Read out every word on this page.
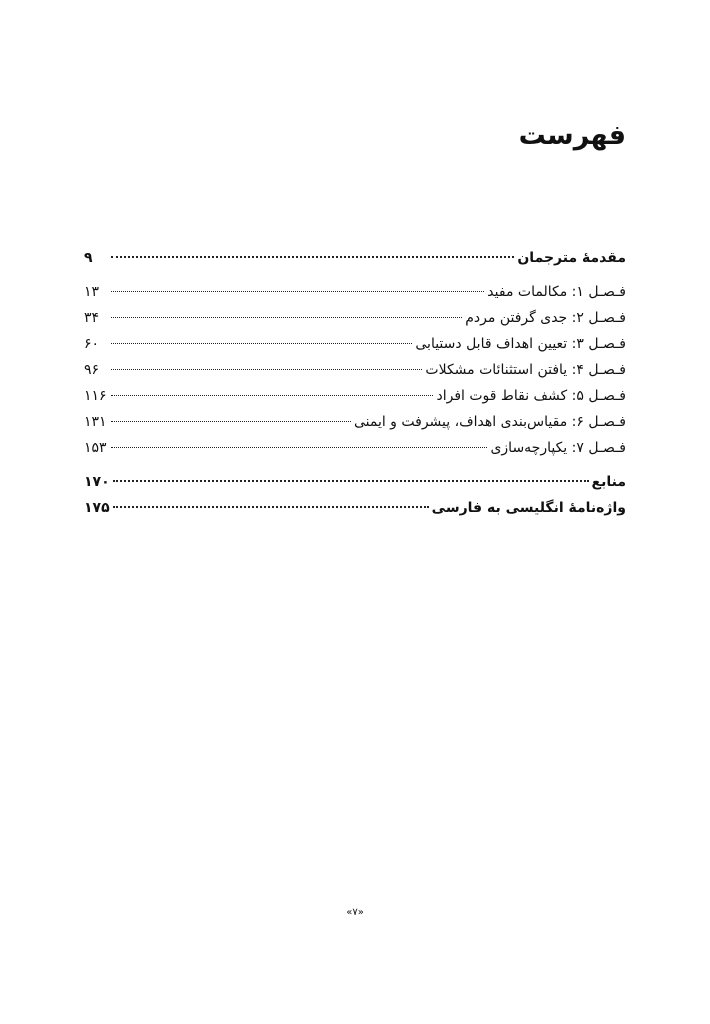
فهرست
مقدمهٔ مترجمان
۹
فـصـل ۱: مکالمات مفید
۱۳
فـصـل ۲: جدی گرفتن مردم
۳۴
فـصـل ۳: تعیین اهداف قابل دستیابی
۶۰
فـصـل ۴: یافتن استثنائات مشکلات
۹۶
فـصـل ۵: کشف نقاط قوت افراد
۱۱۶
فـصـل ۶: مقیاس‌بندی اهداف، پیشرفت و ایمنی
۱۳۱
فـصـل ۷: یکپارچه‌سازی
۱۵۳
منابع
۱۷۰
واژه‌نامهٔ انگلیسی به فارسی
۱۷۵
«۷»
